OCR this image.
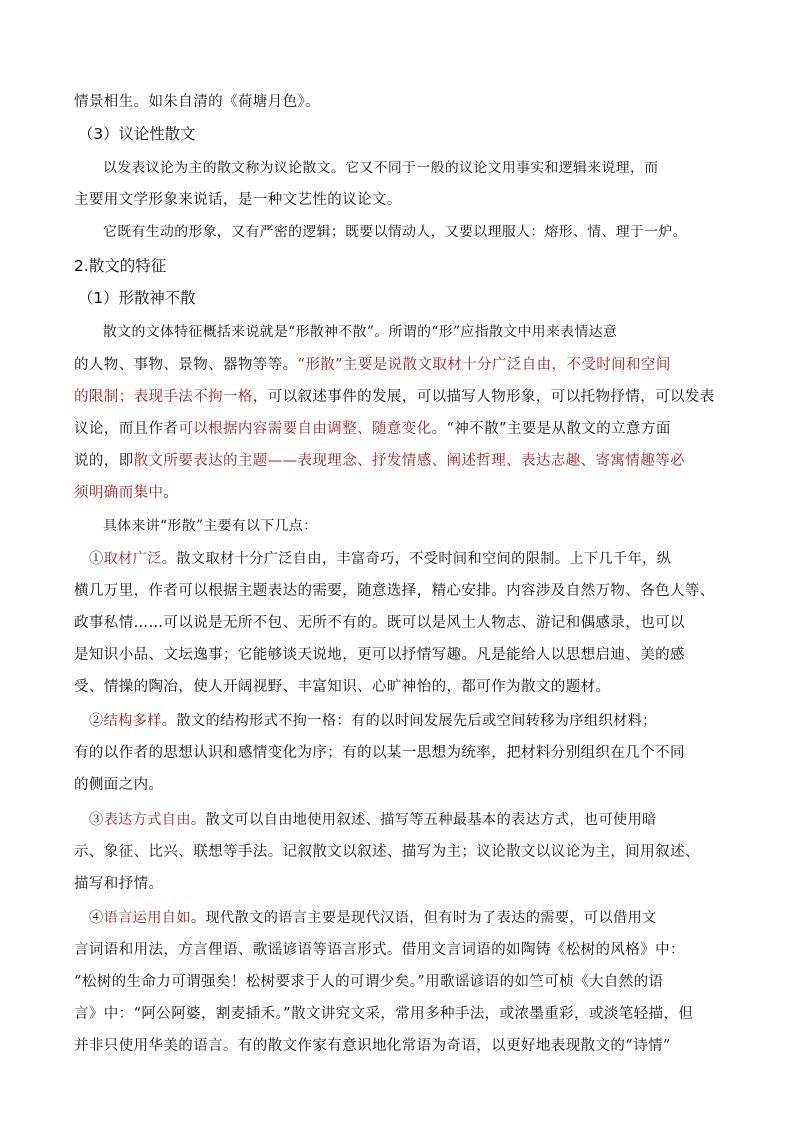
情景相生。如朱自清的《荷塘月色》。
（3）议论性散文
以发表议论为主的散文称为议论散文。它又不同于一般的议论文用事实和逻辑来说理，而
主要用文学形象来说话，是一种文艺性的议论文。
它既有生动的形象，又有严密的逻辑；既要以情动人，又要以理服人：熔形、情、理于一炉。
2.散文的特征
（1）形散神不散
散文的文体特征概括来说就是“形散神不散”。所谓的“形”应指散文中用来表情达意
的人物、事物、景物、器物等等。“形散”主要是说散文取材十分广泛自由，不受时间和空间
的限制；表现手法不拘一格，可以叙述事件的发展，可以描写人物形象，可以托物抒情，可以发表
议论，而且作者可以根据内容需要自由调整、随意变化。“神不散”主要是从散文的立意方面
说的，即散文所要表达的主题——表现理念、抒发情感、阐述哲理、表达志趣、寄寓情趣等必
须明确而集中。
具体来讲“形散”主要有以下几点：
①取材广泛。散文取材十分广泛自由，丰富奇巧，不受时间和空间的限制。上下几千年，纵
横几万里，作者可以根据主题表达的需要，随意选择，精心安排。内容涉及自然万物、各色人等、
政事私情……可以说是无所不包、无所不有的。既可以是风土人物志、游记和偶感录，也可以
是知识小品、文坛逸事；它能够谈天说地，更可以抒情写趣。凡是能给人以思想启迪、美的感
受、情操的陶冶，使人开阔视野、丰富知识、心旷神怡的，都可作为散文的题材。
②结构多样。散文的结构形式不拘一格：有的以时间发展先后或空间转移为序组织材料；
有的以作者的思想认识和感情变化为序；有的以某一思想为统率，把材料分别组织在几个不同
的侧面之内。
③表达方式自由。散文可以自由地使用叙述、描写等五种最基本的表达方式，也可使用暗
示、象征、比兴、联想等手法。记叙散文以叙述、描写为主；议论散文以议论为主，间用叙述、
描写和抒情。
④语言运用自如。现代散文的语言主要是现代汉语，但有时为了表达的需要，可以借用文
言词语和用法，方言俚语、歌谣谚语等语言形式。借用文言词语的如陶铸《松树的风格》中：
“松树的生命力可谓强矣！松树要求于人的可谓少矣。”用歌谣谚语的如竺可桢《大自然的语
言》中：“阿公阿婆，割麦插禾。”散文讲究文采，常用多种手法，或浓墨重彩，或淡笔轻描，但
并非只使用华美的语言。有的散文作家有意识地化常语为奇语，以更好地表现散文的“诗情”
